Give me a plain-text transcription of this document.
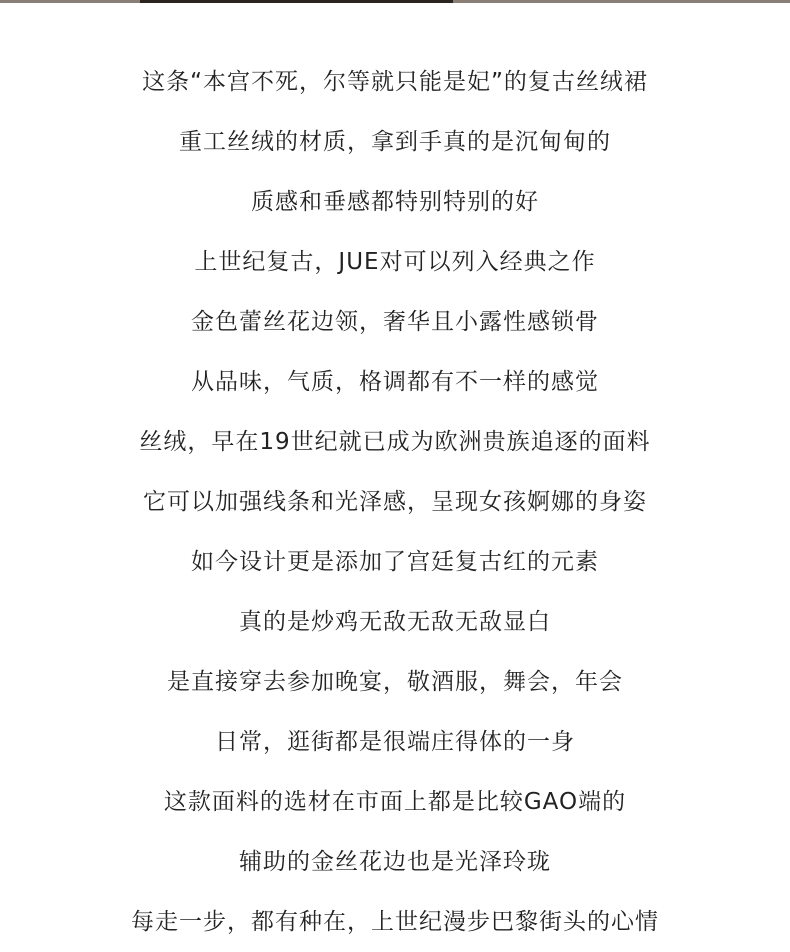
这条“本宫不死，尔等就只能是妃”的复古丝绒裙
重工丝绒的材质，拿到手真的是沉甸甸的
质感和垂感都特别特别的好
上世纪复古，JUE对可以列入经典之作
金色蕾丝花边领，奢华且小露性感锁骨
从品味，气质，格调都有不一样的感觉
丝绒，早在19世纪就已成为欧洲贵族追逐的面料
它可以加强线条和光泽感，呈现女孩婀娜的身姿
如今设计更是添加了宫廷复古红的元素
真的是炒鸡无敌无敌无敌显白
是直接穿去参加晚宴，敬酒服，舞会，年会
日常，逛街都是很端庄得体的一身
这款面料的选材在市面上都是比较GAO端的
辅助的金丝花边也是光泽玲珑
每走一步，都有种在，上世纪漫步巴黎街头的心情
